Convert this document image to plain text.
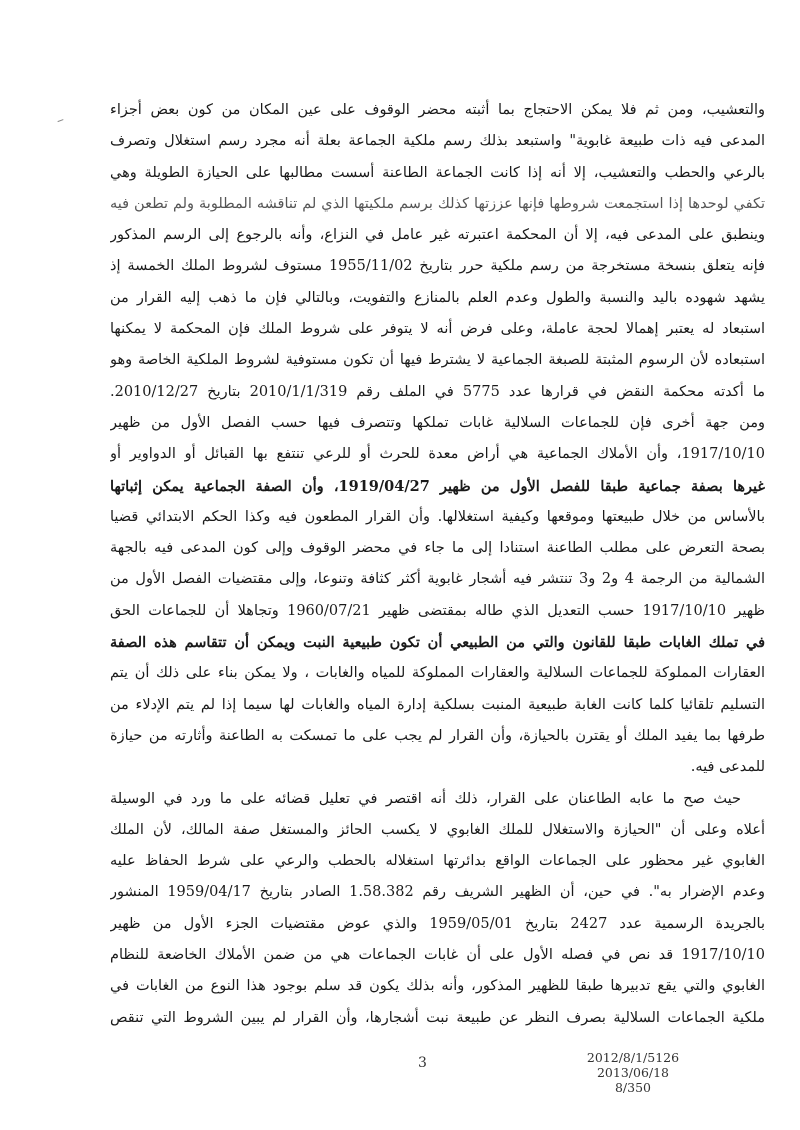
والتعشيب، ومن ثم فلا يمكن الاحتجاج بما أثبته محضر الوقوف على عين المكان من كون بعض أجزاء
المدعى فيه ذات طبيعة غابوية" واستبعد بذلك رسم ملكية الجماعة بعلة أنه مجرد رسم استغلال وتصرف
بالرعي والحطب والتعشيب، إلا أنه إذا كانت الجماعة الطاعنة أسست مطالبها على الحيازة الطويلة وهي
تكفي لوحدها إذا استجمعت شروطها فإنها عززتها كذلك برسم ملكيتها الذي لم تناقشه المطلوبة ولم تطعن فيه
وينطبق على المدعى فيه، إلا أن المحكمة اعتبرته غير عامل في النزاع، وأنه بالرجوع إلى الرسم المذكور
فإنه يتعلق بنسخة مستخرجة من رسم ملكية حرر بتاريخ 1955/11/02 مستوف لشروط الملك الخمسة إذ
يشهد شهوده باليد والنسبة والطول وعدم العلم بالمنازع والتفويت، وبالتالي فإن ما ذهب إليه القرار من
استبعاد له يعتبر إهمالا لحجة عاملة، وعلى فرض أنه لا يتوفر على شروط الملك فإن المحكمة لا يمكنها
استبعاده لأن الرسوم المثبتة للصبغة الجماعية لا يشترط فيها أن تكون مستوفية لشروط الملكية الخاصة وهو
ما أكدته محكمة النقض في قرارها عدد 5775 في الملف رقم 2010/1/1/319 بتاريخ 2010/12/27.
ومن جهة أخرى فإن للجماعات السلالية غابات تملكها وتتصرف فيها حسب الفصل الأول من ظهير
1917/10/10، وأن الأملاك الجماعية هي أراض معدة للحرث أو للرعي تنتفع بها القبائل أو الدواوير أو
غيرها بصفة جماعية طبقا للفصل الأول من ظهير 1919/04/27، وأن الصفة الجماعية يمكن إثباتها
بالأساس من خلال طبيعتها وموقعها وكيفية استغلالها. وأن القرار المطعون فيه وكذا الحكم الابتدائي قضيا
بصحة التعرض على مطلب الطاعنة استنادا إلى ما جاء في محضر الوقوف وإلى كون المدعى فيه بالجهة
الشمالية من الرجمة 4 و2 و3 تنتشر فيه أشجار غابوية أكثر كثافة وتنوعا، وإلى مقتضيات الفصل الأول من
ظهير 1917/10/10 حسب التعديل الذي طاله بمقتضى ظهير 1960/07/21 وتجاهلا أن للجماعات الحق
في تملك الغابات طبقا للقانون والتي من الطبيعي أن تكون طبيعية النبت ويمكن أن تتقاسم هذه الصفة
العقارات المملوكة للجماعات السلالية والعقارات المملوكة للمياه والغابات ، ولا يمكن بناء على ذلك أن يتم
التسليم تلقائيا كلما كانت الغابة طبيعية المنبت بسلكية إدارة المياه والغابات لها سيما إذا لم يتم الإدلاء من
طرفها بما يفيد الملك أو يقترن بالحيازة، وأن القرار لم يجب على ما تمسكت به الطاعنة وأثارته من حيازة
للمدعى فيه.
حيث صح ما عابه الطاعنان على القرار، ذلك أنه اقتصر في تعليل قضائه على ما ورد في الوسيلة
أعلاه وعلى أن "الحيازة والاستغلال للملك الغابوي لا يكسب الحائز والمستغل صفة المالك، لأن الملك
الغابوي غير محظور على الجماعات الواقع بدائرتها استغلاله بالحطب والرعي على شرط الحفاظ عليه
وعدم الإضرار به". في حين، أن الظهير الشريف رقم 1.58.382 الصادر بتاريخ 1959/04/17 المنشور
بالجريدة الرسمية عدد 2427 بتاريخ 1959/05/01 والذي عوض مقتضيات الجزء الأول من ظهير
1917/10/10 قد نص في فصله الأول على أن غابات الجماعات هي من ضمن الأملاك الخاضعة للنظام
الغابوي والتي يقع تدبيرها طبقا للظهير المذكور، وأنه بذلك يكون قد سلم بوجود هذا النوع من الغابات في
ملكية الجماعات السلالية بصرف النظر عن طبيعة نبت أشجارها، وأن القرار لم يبين الشروط التي تنقص
3	2012/8/1/5126
2013/06/18
8/350
